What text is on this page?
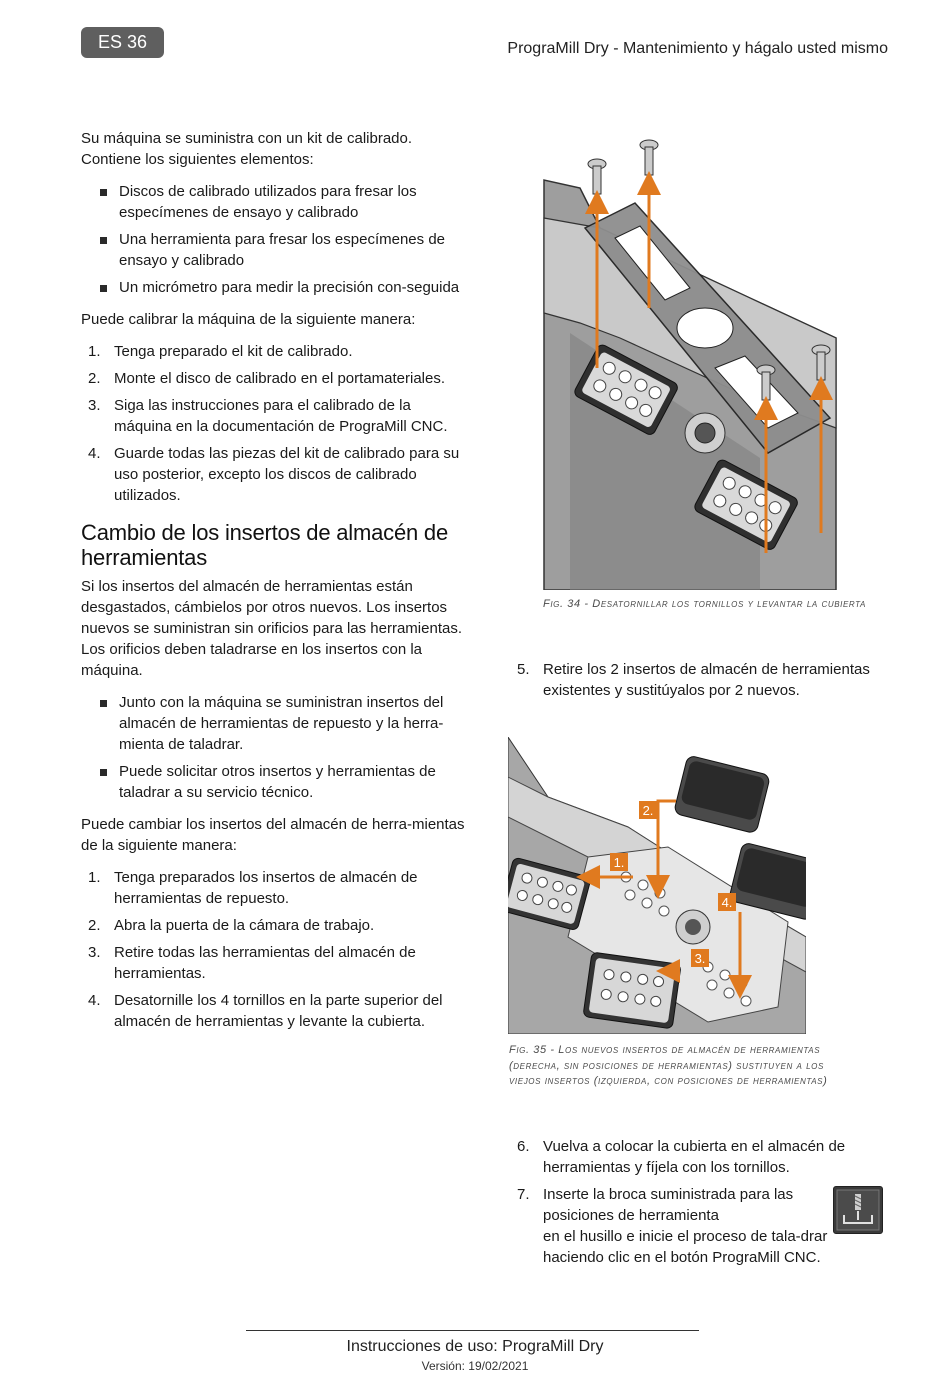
ES 36	PrograMill Dry - Mantenimiento y hágalo usted mismo

Su máquina se suministra con un kit de calibrado. Contiene los siguientes elementos:

Discos de calibrado utilizados para fresar los especímenes de ensayo y calibrado
Una herramienta para fresar los especímenes de ensayo y calibrado
Un micrómetro para medir la precisión con-seguida

Puede calibrar la máquina de la siguiente manera:

1. Tenga preparado el kit de calibrado.
2. Monte el disco de calibrado en el portamateriales.
3. Siga las instrucciones para el calibrado de la máquina en la documentación de PrograMill CNC.
4. Guarde todas las piezas del kit de calibrado para su uso posterior, excepto los discos de calibrado utilizados.
Cambio de los insertos de almacén de herramientas

Si los insertos del almacén de herramientas están desgastados, cámbielos por otros nuevos. Los insertos nuevos se suministran sin orificios para las herramientas. Los orificios deben taladrarse en los insertos con la máquina.

Junto con la máquina se suministran insertos del almacén de herramientas de repuesto y la herra-mienta de taladrar.
Puede solicitar otros insertos y herramientas de taladrar a su servicio técnico.

Puede cambiar los insertos del almacén de herra-mientas de la siguiente manera:

1. Tenga preparados los insertos de almacén de herramientas de repuesto.
2. Abra la puerta de la cámara de trabajo.
3. Retire todas las herramientas del almacén de herramientas.
4. Desatornille los 4 tornillos en la parte superior del almacén de herramientas y levante la cubierta.
Fig. 34 - Desatornillar los tornillos y levantar la cubierta
5. Retire los 2 insertos de almacén de herramientas existentes y sustitúyalos por 2 nuevos.
1.
2.
3.
4.
Fig. 35 - Los nuevos insertos de almacén de herramientas (derecha, sin posiciones de herramientas) sustituyen a los viejos insertos (izquierda, con posiciones de herramientas)
6. Vuelva a colocar la cubierta en el almacén de herramientas y fíjela con los tornillos.
7. Inserte la broca suministrada para las posiciones de herramienta
en el husillo e inicie el proceso de tala-drar haciendo clic en el botón PrograMill CNC.
Instrucciones de uso: PrograMill Dry
Versión: 19/02/2021
